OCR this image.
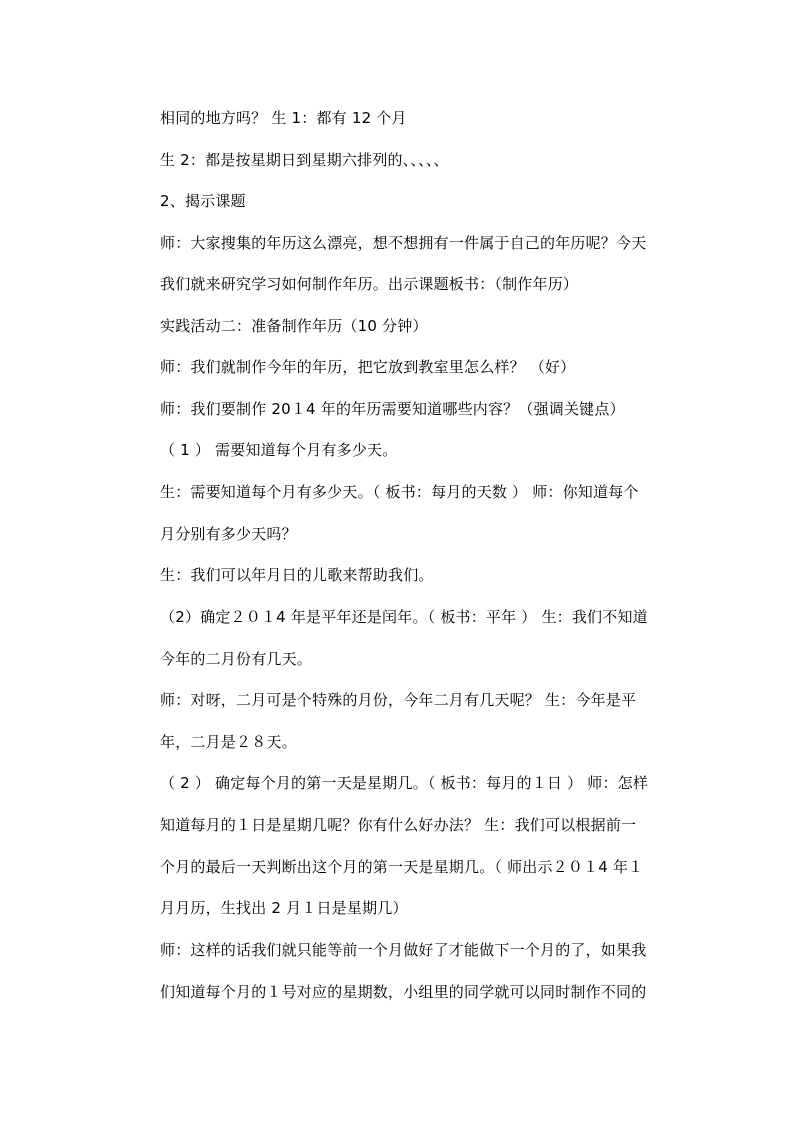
相同的地方吗？ 生 1：都有 12 个月
生 2：都是按星期日到星期六排列的、、、、、
2、揭示课题
师：大家搜集的年历这么漂亮，想不想拥有一件属于自己的年历呢？今天
我们就来研究学习如何制作年历。出示课题板书：（制作年历）
实践活动二：准备制作年历（10 分钟）
师：我们就制作今年的年历，把它放到教室里怎么样？ （好）
师：我们要制作 20１4 年的年历需要知道哪些内容？（强调关键点）
（ 1 ） 需要知道每个月有多少天。
生：需要知道每个月有多少天。（ 板书：每月的天数 ） 师：你知道每个
月分别有多少天吗？
生：我们可以年月日的儿歌来帮助我们。
（2）确定２０１4 年是平年还是闰年。（ 板书：平年 ） 生：我们不知道
今年的二月份有几天。
师：对呀，二月可是个特殊的月份，今年二月有几天呢？ 生：今年是平
年，二月是２８天。
（ 2 ） 确定每个月的第一天是星期几。（ 板书：每月的１日 ） 师：怎样
知道每月的１日是星期几呢？你有什么好办法？ 生：我们可以根据前一
个月的最后一天判断出这个月的第一天是星期几。（ 师出示２０１4 年１
月月历，生找出 2 月１日是星期几）
师：这样的话我们就只能等前一个月做好了才能做下一个月的了，如果我
们知道每个月的１号对应的星期数，小组里的同学就可以同时制作不同的
